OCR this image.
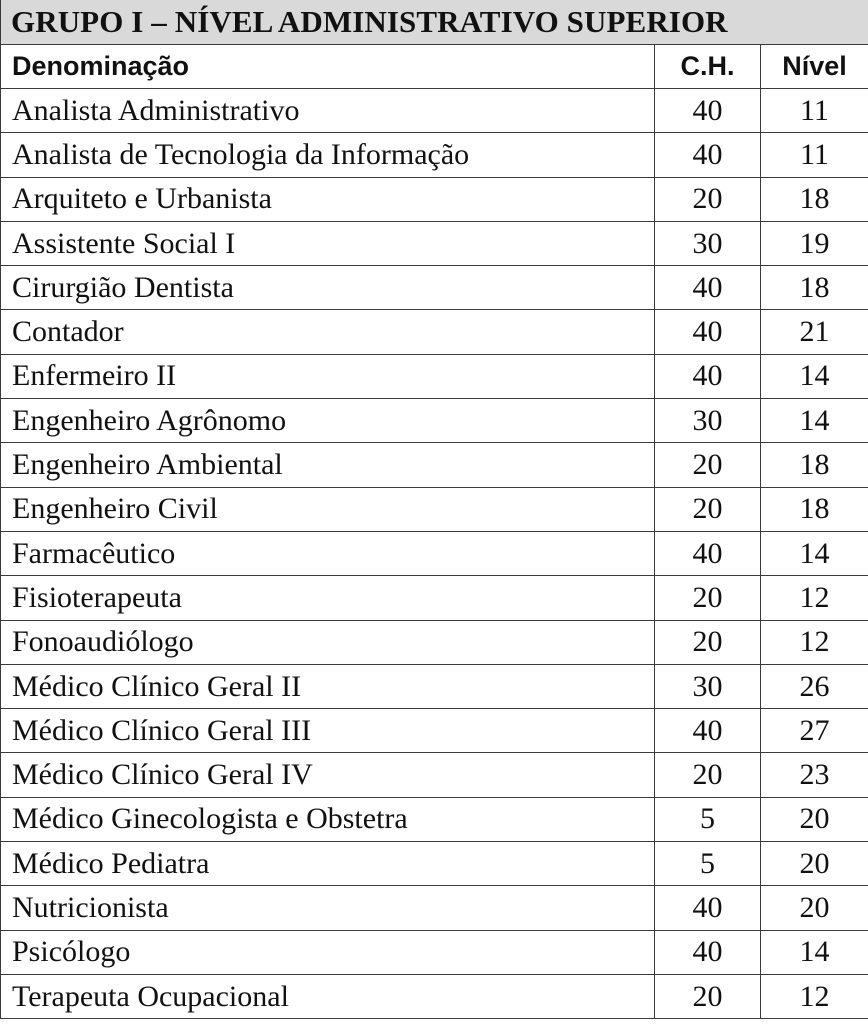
GRUPO I – NÍVEL ADMINISTRATIVO SUPERIOR		
Denominação	C.H.	Nível
Analista Administrativo	40	11
Analista de Tecnologia da Informação	40	11
Arquiteto e Urbanista	20	18
Assistente Social I	30	19
Cirurgião Dentista	40	18
Contador	40	21
Enfermeiro II	40	14
Engenheiro Agrônomo	30	14
Engenheiro Ambiental	20	18
Engenheiro Civil	20	18
Farmacêutico	40	14
Fisioterapeuta	20	12
Fonoaudiólogo	20	12
Médico Clínico Geral II	30	26
Médico Clínico Geral III	40	27
Médico Clínico Geral IV	20	23
Médico Ginecologista e Obstetra	5	20
Médico Pediatra	5	20
Nutricionista	40	20
Psicólogo	40	14
Terapeuta Ocupacional	20	12
